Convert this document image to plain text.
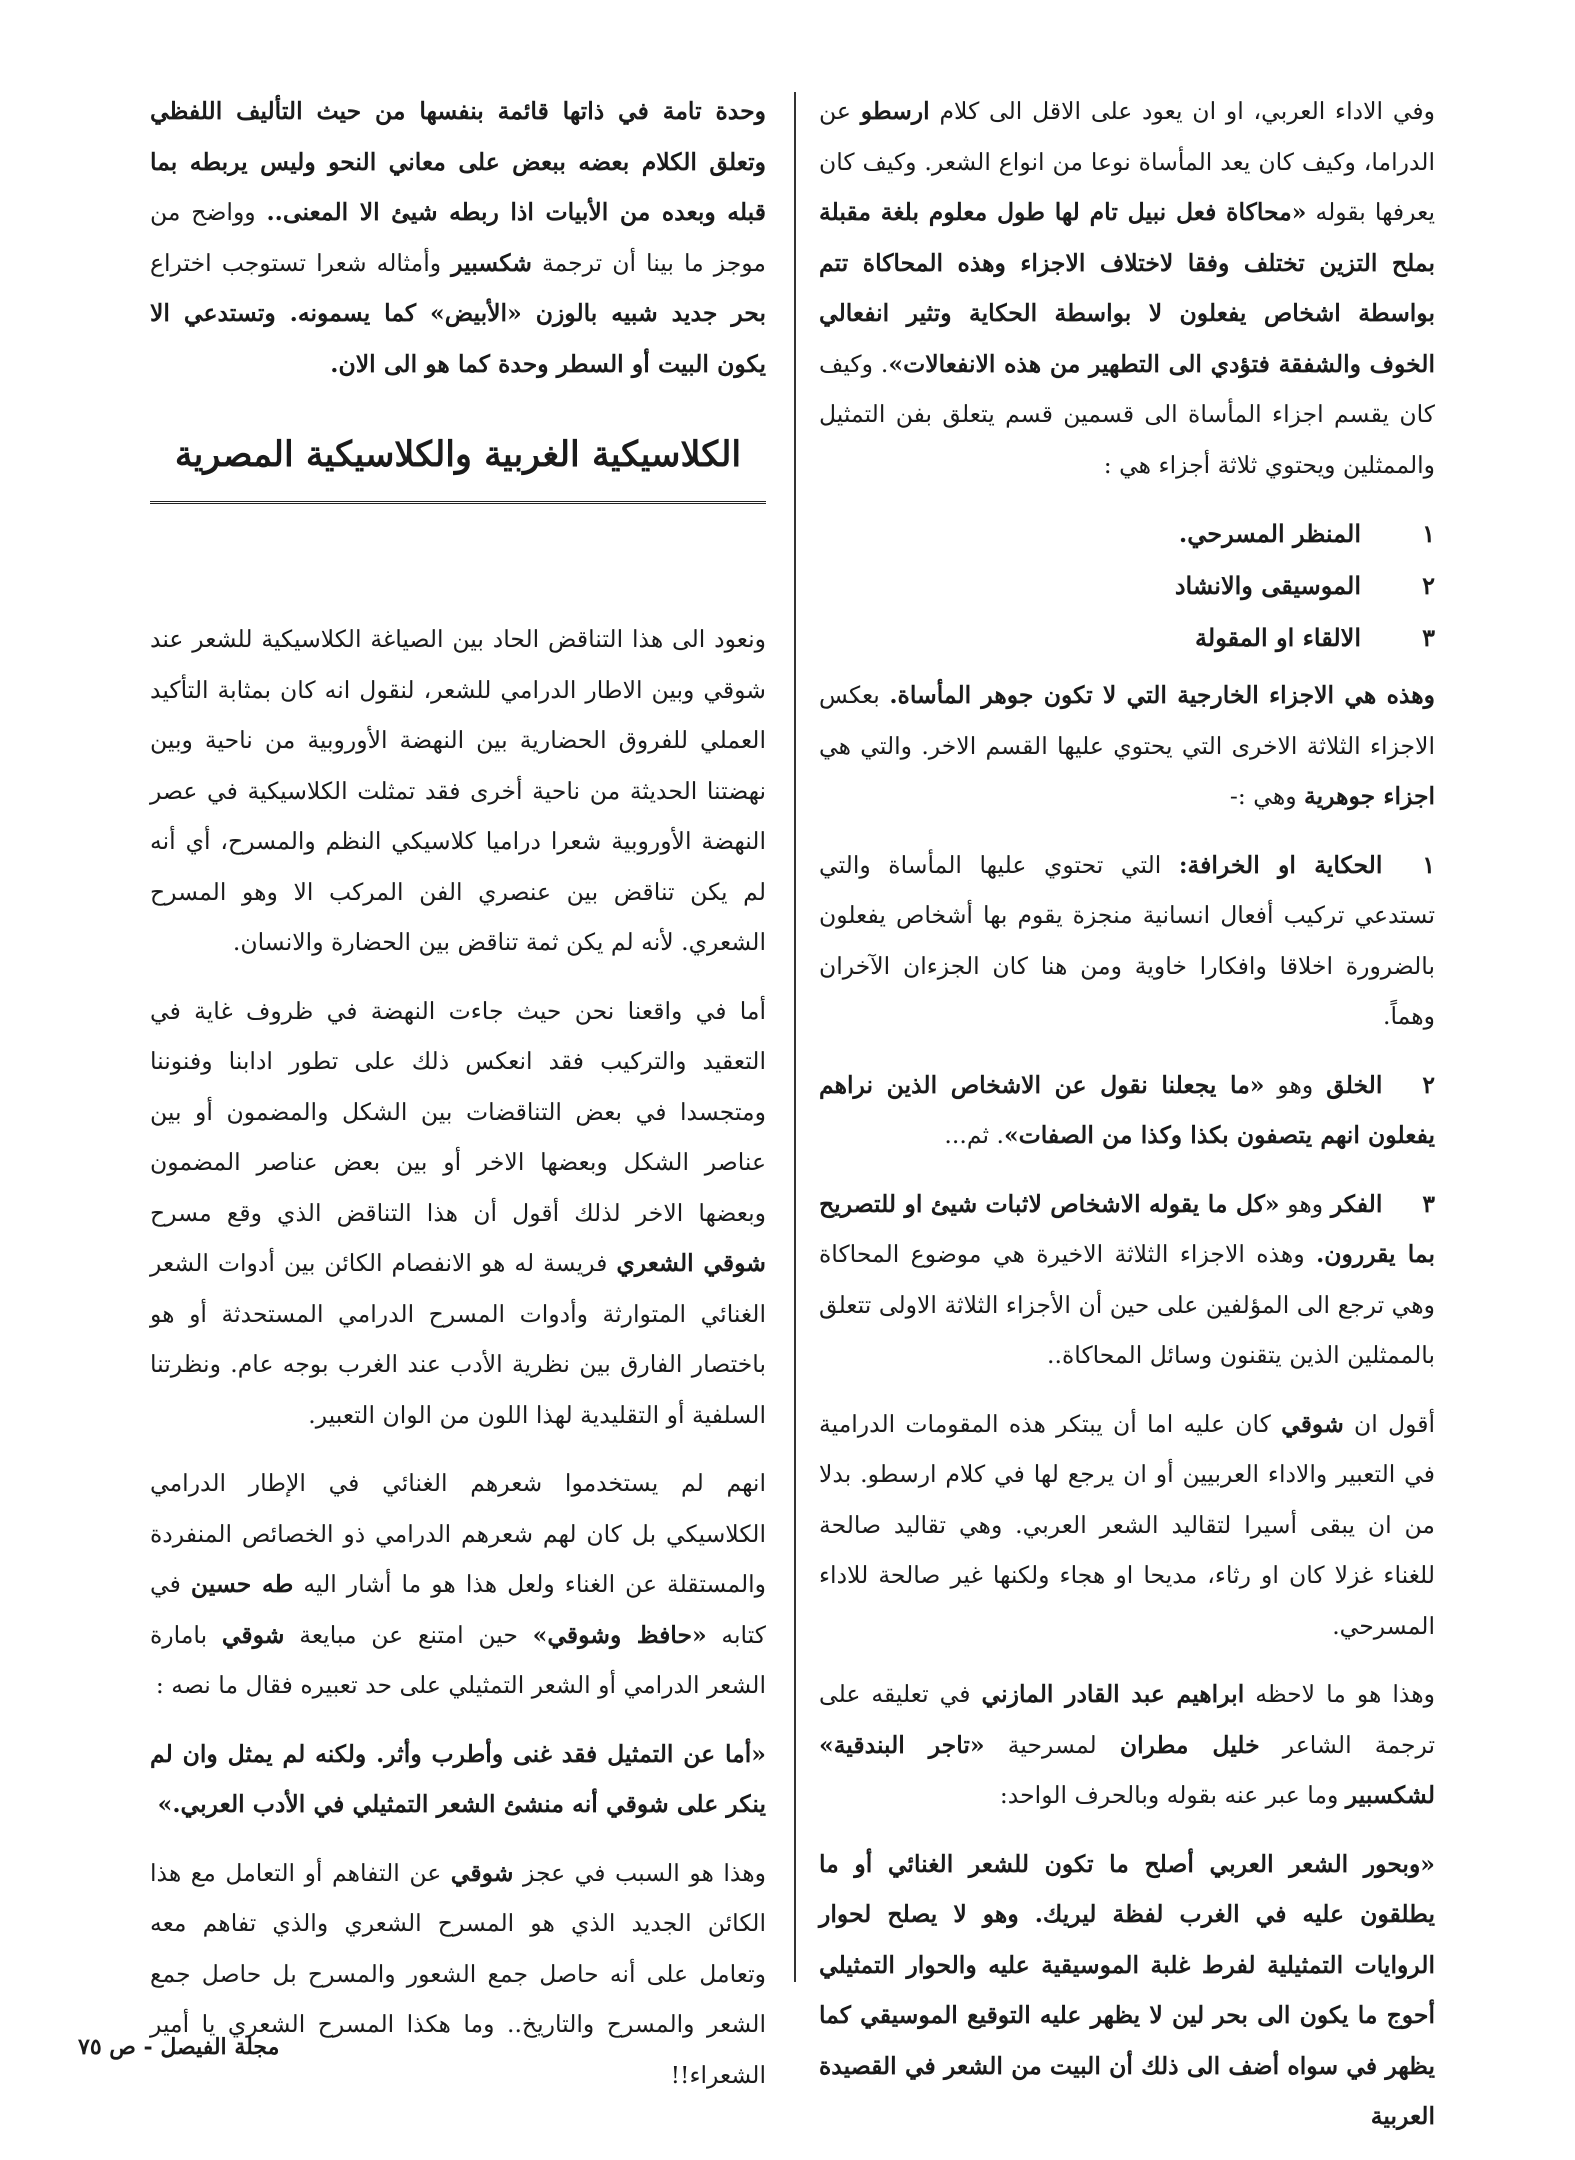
وفي الاداء العربي، او ان يعود على الاقل الى كلام ارسطو عن الدراما، وكيف كان يعد المأساة نوعا من انواع الشعر. وكيف كان يعرفها بقوله «محاكاة فعل نبيل تام لها طول معلوم بلغة مقبلة بملح التزين تختلف وفقا لاختلاف الاجزاء وهذه المحاكاة تتم بواسطة اشخاص يفعلون لا بواسطة الحكاية وتثير انفعالي الخوف والشفقة فتؤدي الى التطهير من هذه الانفعالات». وكيف كان يقسم اجزاء المأساة الى قسمين قسم يتعلق بفن التمثيل والممثلين ويحتوي ثلاثة أجزاء هي :

١
المنظر المسرحي.
٢
الموسيقى والانشاد
٣
الالقاء او المقولة

وهذه هي الاجزاء الخارجية التي لا تكون جوهر المأساة. بعكس الاجزاء الثلاثة الاخرى التي يحتوي عليها القسم الاخر. والتي هي اجزاء جوهرية وهي :-

١الحكاية او الخرافة: التي تحتوي عليها المأساة والتي تستدعي تركيب أفعال انسانية منجزة يقوم بها أشخاص يفعلون بالضرورة اخلاقا وافكارا خاوية ومن هنا كان الجزءان الآخران وهماً.

٢الخلق وهو «ما يجعلنا نقول عن الاشخاص الذين نراهم يفعلون انهم يتصفون بكذا وكذا من الصفات». ثم...

٣الفكر وهو «كل ما يقوله الاشخاص لاثبات شيئ او للتصريح بما يقررون. وهذه الاجزاء الثلاثة الاخيرة هي موضوع المحاكاة وهي ترجع الى المؤلفين على حين أن الأجزاء الثلاثة الاولى تتعلق بالممثلين الذين يتقنون وسائل المحاكاة..

أقول ان شوقي كان عليه اما أن يبتكر هذه المقومات الدرامية في التعبير والاداء العربيين أو ان يرجع لها في كلام ارسطو. بدلا من ان يبقى أسيرا لتقاليد الشعر العربي. وهي تقاليد صالحة للغناء غزلا كان او رثاء، مديحا او هجاء ولكنها غير صالحة للاداء المسرحي.

وهذا هو ما لاحظه ابراهيم عبد القادر المازني في تعليقه على ترجمة الشاعر خليل مطران لمسرحية «تاجر البندقية» لشكسبير وما عبر عنه بقوله وبالحرف الواحد:

«وبحور الشعر العربي أصلح ما تكون للشعر الغنائي أو ما يطلقون عليه في الغرب لفظة ليريك. وهو لا يصلح لحوار الروايات التمثيلية لفرط غلبة الموسيقية عليه والحوار التمثيلي أحوج ما يكون الى بحر لين لا يظهر عليه التوقيع الموسيقي كما يظهر في سواه أضف الى ذلك أن البيت من الشعر في القصيدة العربية

وحدة تامة في ذاتها قائمة بنفسها من حيث التأليف اللفظي وتعلق الكلام بعضه ببعض على معاني النحو وليس يربطه بما قبله وبعده من الأبيات اذا ربطه شيئ الا المعنى.. وواضح من موجز ما بينا أن ترجمة شكسبير وأمثاله شعرا تستوجب اختراع بحر جديد شبيه بالوزن «الأبيض» كما يسمونه. وتستدعي الا يكون البيت أو السطر وحدة كما هو الى الان.

الكلاسيكية الغربية والكلاسيكية المصرية

ونعود الى هذا التناقض الحاد بين الصياغة الكلاسيكية للشعر عند شوقي وبين الاطار الدرامي للشعر، لنقول انه كان بمثابة التأكيد العملي للفروق الحضارية بين النهضة الأوروبية من ناحية وبين نهضتنا الحديثة من ناحية أخرى فقد تمثلت الكلاسيكية في عصر النهضة الأوروبية شعرا دراميا كلاسيكي النظم والمسرح، أي أنه لم يكن تناقض بين عنصري الفن المركب الا وهو المسرح الشعري. لأنه لم يكن ثمة تناقض بين الحضارة والانسان.

أما في واقعنا نحن حيث جاءت النهضة في ظروف غاية في التعقيد والتركيب فقد انعكس ذلك على تطور ادابنا وفنوننا ومتجسدا في بعض التناقضات بين الشكل والمضمون أو بين عناصر الشكل وبعضها الاخر أو بين بعض عناصر المضمون وبعضها الاخر لذلك أقول أن هذا التناقض الذي وقع مسرح شوقي الشعري فريسة له هو الانفصام الكائن بين أدوات الشعر الغنائي المتوارثة وأدوات المسرح الدرامي المستحدثة أو هو باختصار الفارق بين نظرية الأدب عند الغرب بوجه عام. ونظرتنا السلفية أو التقليدية لهذا اللون من الوان التعبير.

انهم لم يستخدموا شعرهم الغنائي في الإطار الدرامي الكلاسيكي بل كان لهم شعرهم الدرامي ذو الخصائص المنفردة والمستقلة عن الغناء ولعل هذا هو ما أشار اليه طه حسين في كتابه «حافظ وشوقي» حين امتنع عن مبايعة شوقي بامارة الشعر الدرامي أو الشعر التمثيلي على حد تعبيره فقال ما نصه :

«أما عن التمثيل فقد غنى وأطرب وأثر. ولكنه لم يمثل وان لم ينكر على شوقي أنه منشئ الشعر التمثيلي في الأدب العربي.»

وهذا هو السبب في عجز شوقي عن التفاهم أو التعامل مع هذا الكائن الجديد الذي هو المسرح الشعري والذي تفاهم معه وتعامل على أنه حاصل جمع الشعور والمسرح بل حاصل جمع الشعر والمسرح والتاريخ.. وما هكذا المسرح الشعري يا أمير الشعراء!!

مجلة الفيصل - ص ٧٥
